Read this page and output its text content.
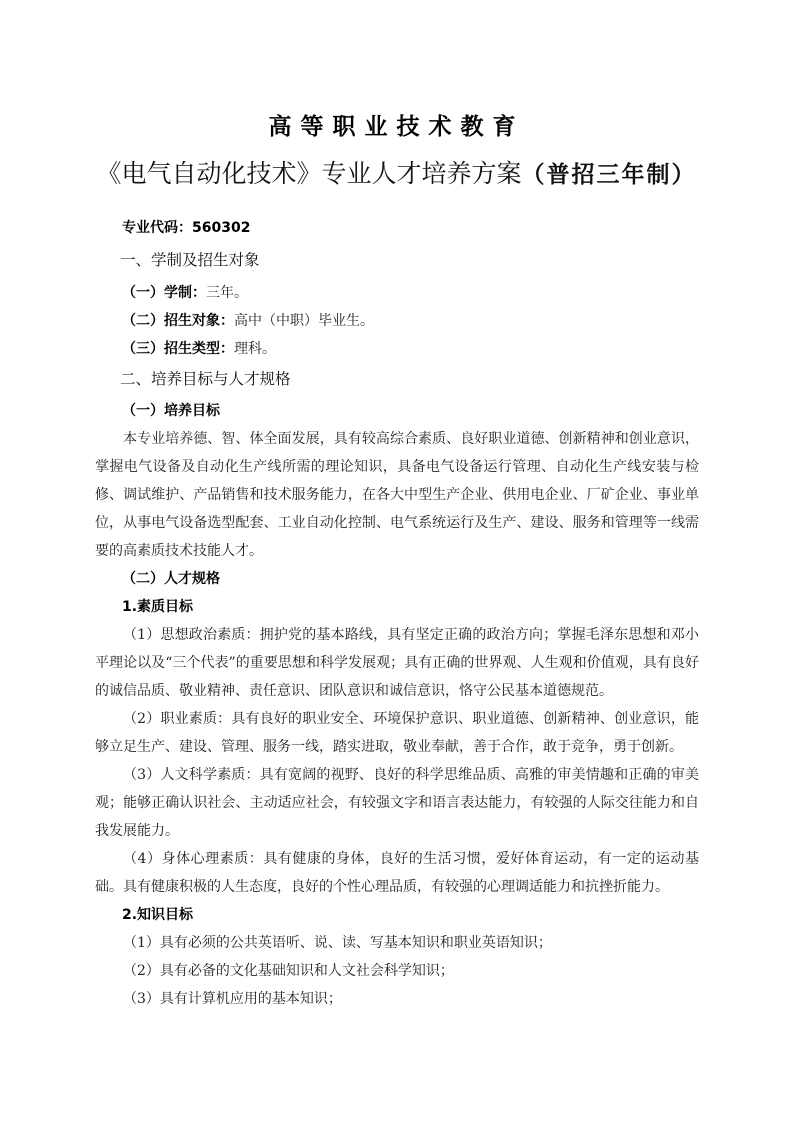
高等职业技术教育
《电气自动化技术》专业人才培养方案（普招三年制）
专业代码：560302
一、学制及招生对象
（一）学制：三年。
（二）招生对象：高中（中职）毕业生。
（三）招生类型：理科。
二、培养目标与人才规格
（一）培养目标
本专业培养德、智、体全面发展，具有较高综合素质、良好职业道德、创新精神和创业意识，掌握电气设备及自动化生产线所需的理论知识，具备电气设备运行管理、自动化生产线安装与检修、调试维护、产品销售和技术服务能力，在各大中型生产企业、供用电企业、厂矿企业、事业单位，从事电气设备选型配套、工业自动化控制、电气系统运行及生产、建设、服务和管理等一线需要的高素质技术技能人才。
（二）人才规格
1.素质目标
（1）思想政治素质：拥护党的基本路线，具有坚定正确的政治方向；掌握毛泽东思想和邓小平理论以及“三个代表”的重要思想和科学发展观；具有正确的世界观、人生观和价值观，具有良好的诚信品质、敬业精神、责任意识、团队意识和诚信意识，恪守公民基本道德规范。
（2）职业素质：具有良好的职业安全、环境保护意识、职业道德、创新精神、创业意识，能够立足生产、建设、管理、服务一线，踏实进取，敬业奉献，善于合作，敢于竞争，勇于创新。
（3）人文科学素质：具有宽阔的视野、良好的科学思维品质、高雅的审美情趣和正确的审美观；能够正确认识社会、主动适应社会，有较强文字和语言表达能力，有较强的人际交往能力和自我发展能力。
（4）身体心理素质：具有健康的身体，良好的生活习惯，爱好体育运动，有一定的运动基础。具有健康积极的人生态度，良好的个性心理品质，有较强的心理调适能力和抗挫折能力。
2.知识目标
（1）具有必须的公共英语听、说、读、写基本知识和职业英语知识；
（2）具有必备的文化基础知识和人文社会科学知识；
（3）具有计算机应用的基本知识；
